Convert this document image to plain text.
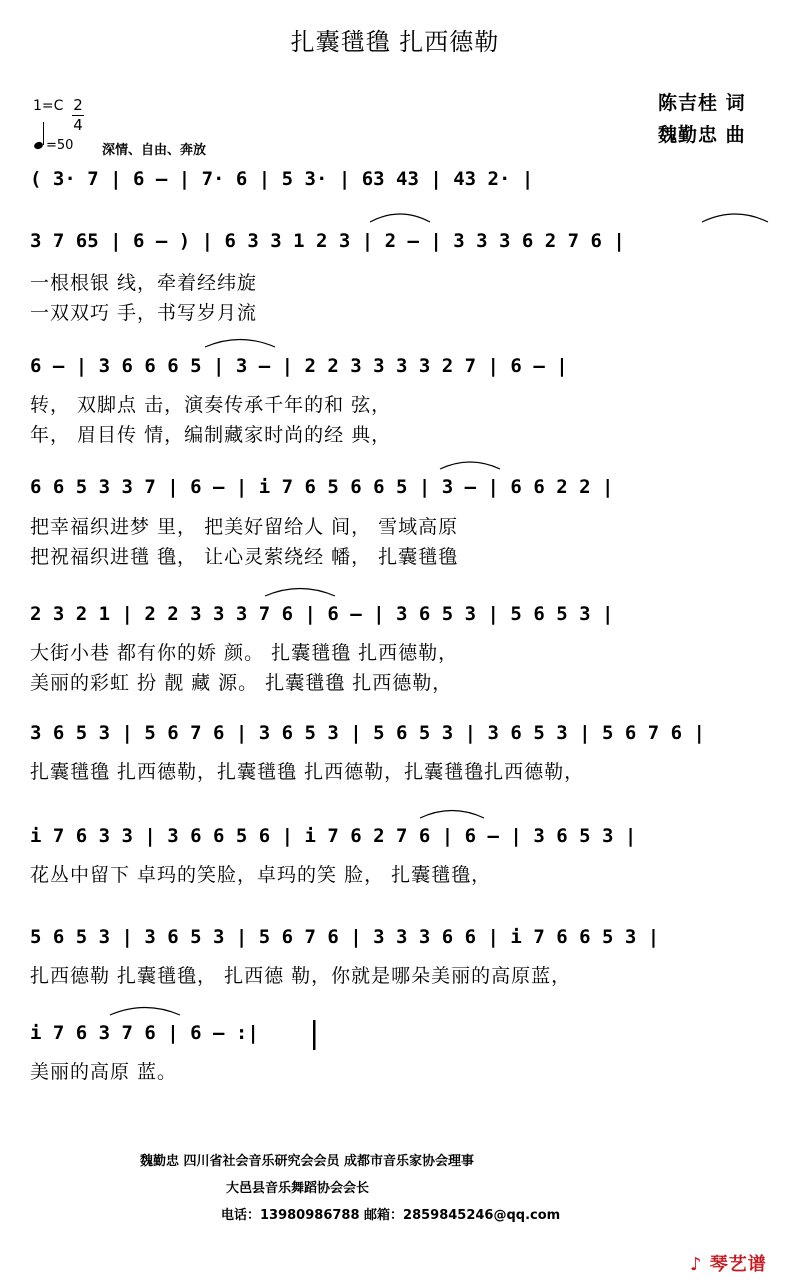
扎囊氆氇 扎西德勒
陈吉桂 词
魏勤忠 曲
1=C 2
4
=50 深情、自由、奔放
( 3· 7 | 6 – | 7· 6 | 5 3· | 63 43 | 43 2· |
3 7 65 | 6 – ) | 6 3 3 1 2 3 | 2 – | 3 3 3 6 2 7 6 |
一根根银 线，牵着经纬旋
一双双巧 手，书写岁月流
6 – | 3 6 6 6 5 | 3 – | 2 2 3 3 3 3 2 7 | 6 – |
转， 双脚点 击，演奏传承千年的和 弦，
年， 眉目传 情，编制藏家时尚的经 典，
6 6 5 3 3 7 | 6 – | i 7 6 5 6 6 5 | 3 – | 6 6 2 2 |
把幸福织进梦 里， 把美好留给人 间， 雪域高原
把祝福织进氆 氇， 让心灵萦绕经 幡， 扎囊氆氇
2 3 2 1 | 2 2 3 3 3 7 6 | 6 – | 3 6 5 3 | 5 6 5 3 |
大街小巷 都有你的娇 颜。 扎囊氆氇 扎西德勒，
美丽的彩虹 扮 靓 藏 源。 扎囊氆氇 扎西德勒，
3 6 5 3 | 5 6 7 6 | 3 6 5 3 | 5 6 5 3 | 3 6 5 3 | 5 6 7 6 |
扎囊氆氇 扎西德勒，扎囊氆氇 扎西德勒，扎囊氆氇扎西德勒，
i 7 6 3 3 | 3 6 6 5 6 | i 7 6 2 7 6 | 6 – | 3 6 5 3 |
花丛中留下 卓玛的笑脸，卓玛的笑 脸， 扎囊氆氇，
5 6 5 3 | 3 6 5 3 | 5 6 7 6 | 3 3 3 6 6 | i 7 6 6 5 3 |
扎西德勒 扎囊氆氇， 扎西德 勒，你就是哪朵美丽的高原蓝，
i 7 6 3 7 6 | 6 – :|
美丽的高原 蓝。
魏勤忠 四川省社会音乐研究会会员 成都市音乐家协会理事
大邑县音乐舞蹈协会会长
电话：13980986788 邮箱：2859845246@qq.com
♪ 琴艺谱
